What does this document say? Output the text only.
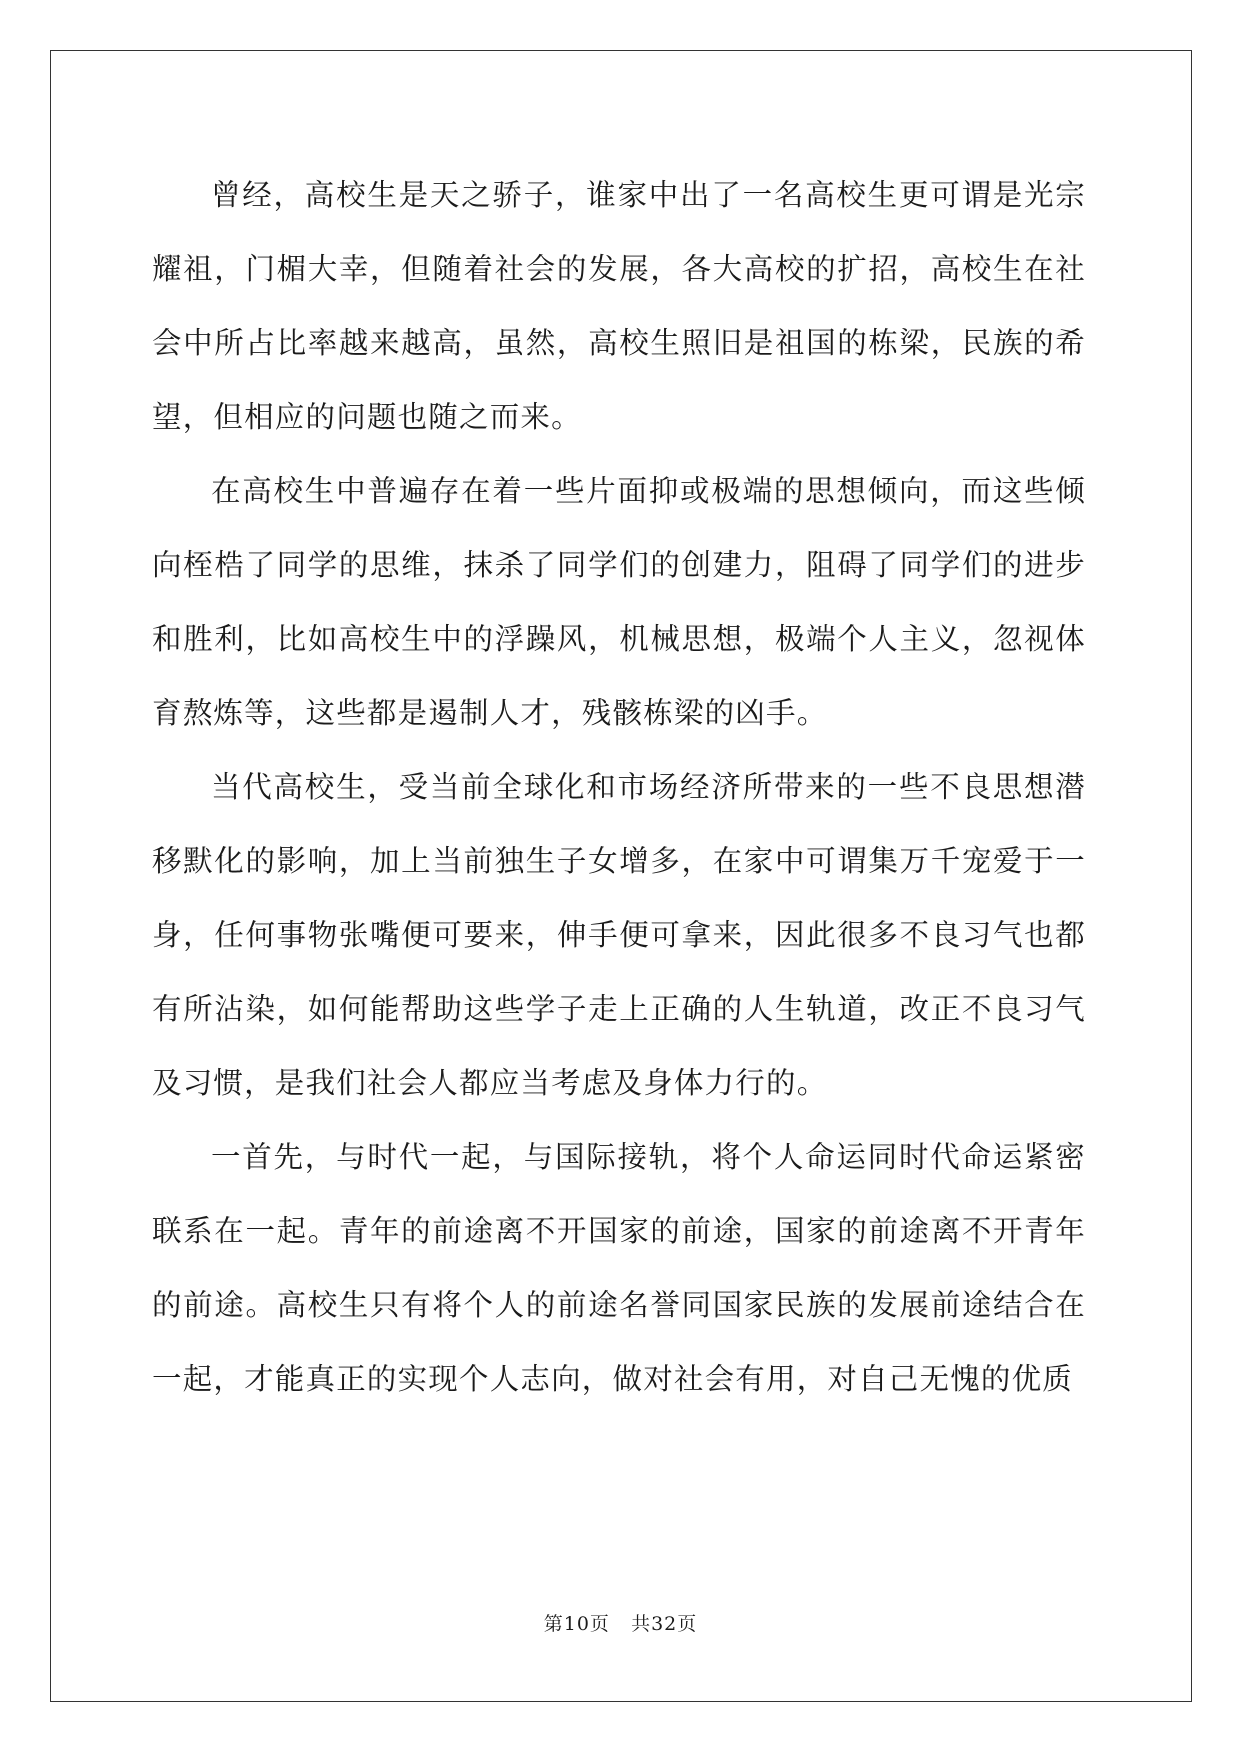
曾经，高校生是天之骄子，谁家中出了一名高校生更可谓是光宗耀祖，门楣大幸，但随着社会的发展，各大高校的扩招，高校生在社会中所占比率越来越高，虽然，高校生照旧是祖国的栋梁，民族的希望，但相应的问题也随之而来。

在高校生中普遍存在着一些片面抑或极端的思想倾向，而这些倾向桎梏了同学的思维，抹杀了同学们的创建力，阻碍了同学们的进步和胜利，比如高校生中的浮躁风，机械思想，极端个人主义，忽视体育熬炼等，这些都是遏制人才，残骸栋梁的凶手。

当代高校生，受当前全球化和市场经济所带来的一些不良思想潜移默化的影响，加上当前独生子女增多，在家中可谓集万千宠爱于一身，任何事物张嘴便可要来，伸手便可拿来，因此很多不良习气也都有所沾染，如何能帮助这些学子走上正确的人生轨道，改正不良习气及习惯，是我们社会人都应当考虑及身体力行的。

一首先，与时代一起，与国际接轨，将个人命运同时代命运紧密联系在一起。青年的前途离不开国家的前途，国家的前途离不开青年的前途。高校生只有将个人的前途名誉同国家民族的发展前途结合在一起，才能真正的实现个人志向，做对社会有用，对自己无愧的优质

第10页 共32页
